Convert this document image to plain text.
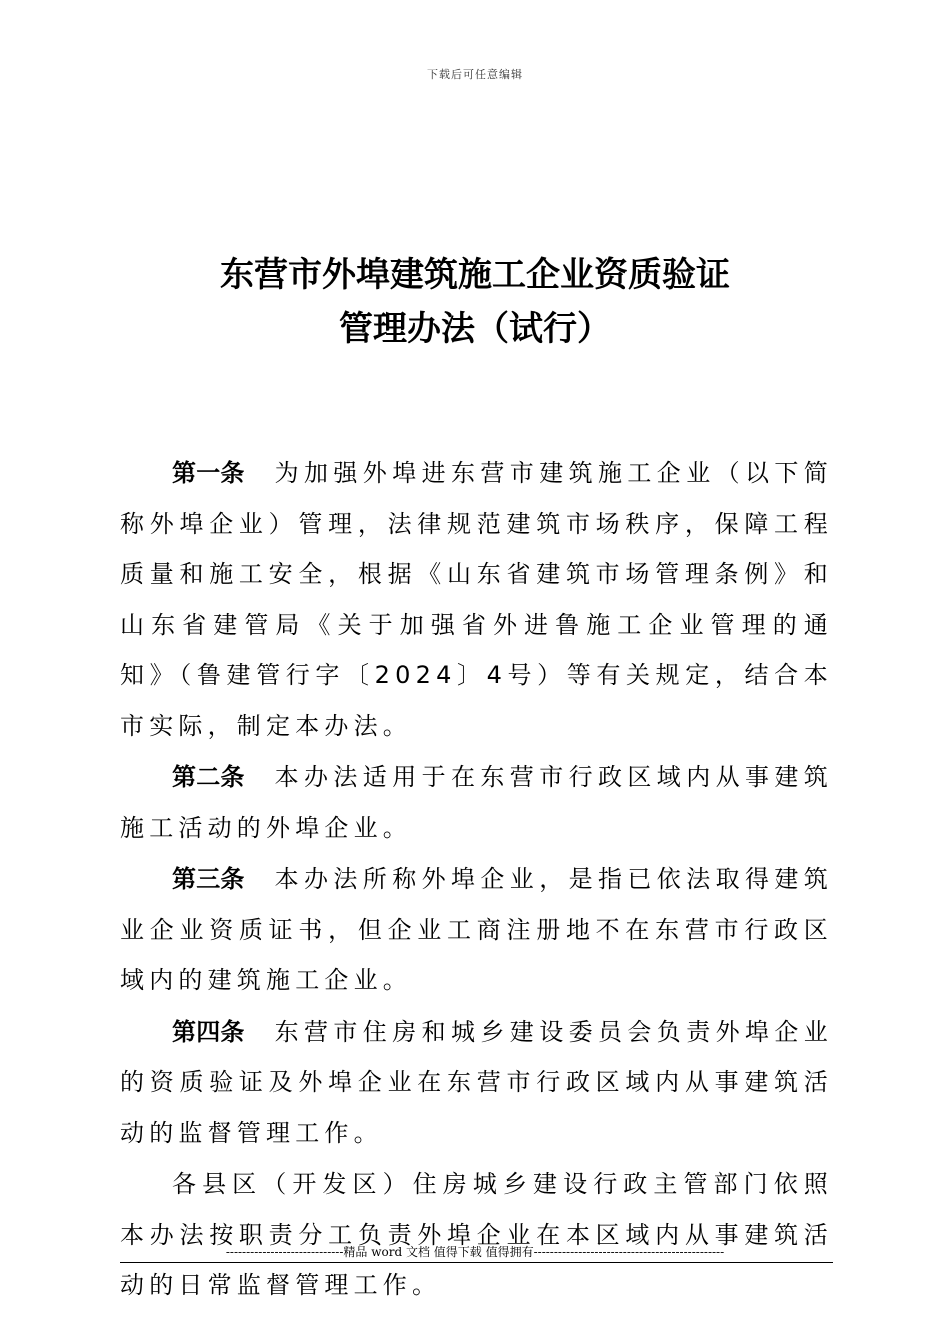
下载后可任意编辑
东营市外埠建筑施工企业资质验证
管理办法（试行）

第一条 为加强外埠进东营市建筑施工企业（以下简称外埠企业）管理，法律规范建筑市场秩序，保障工程质量和施工安全，根据《山东省建筑市场管理条例》和山东省建管局《关于加强省外进鲁施工企业管理的通知》（鲁建管行字〔2024〕4号）等有关规定，结合本市实际，制定本办法。

第二条 本办法适用于在东营市行政区域内从事建筑施工活动的外埠企业。

第三条 本办法所称外埠企业，是指已依法取得建筑业企业资质证书，但企业工商注册地不在东营市行政区域内的建筑施工企业。

第四条 东营市住房和城乡建设委员会负责外埠企业的资质验证及外埠企业在东营市行政区域内从事建筑活动的监督管理工作。

各县区（开发区）住房城乡建设行政主管部门依照本办法按职责分工负责外埠企业在本区域内从事建筑活动的日常监督管理工作。

-----------------------------精品 word 文档 值得下载 值得拥有-----------------------------------------------
